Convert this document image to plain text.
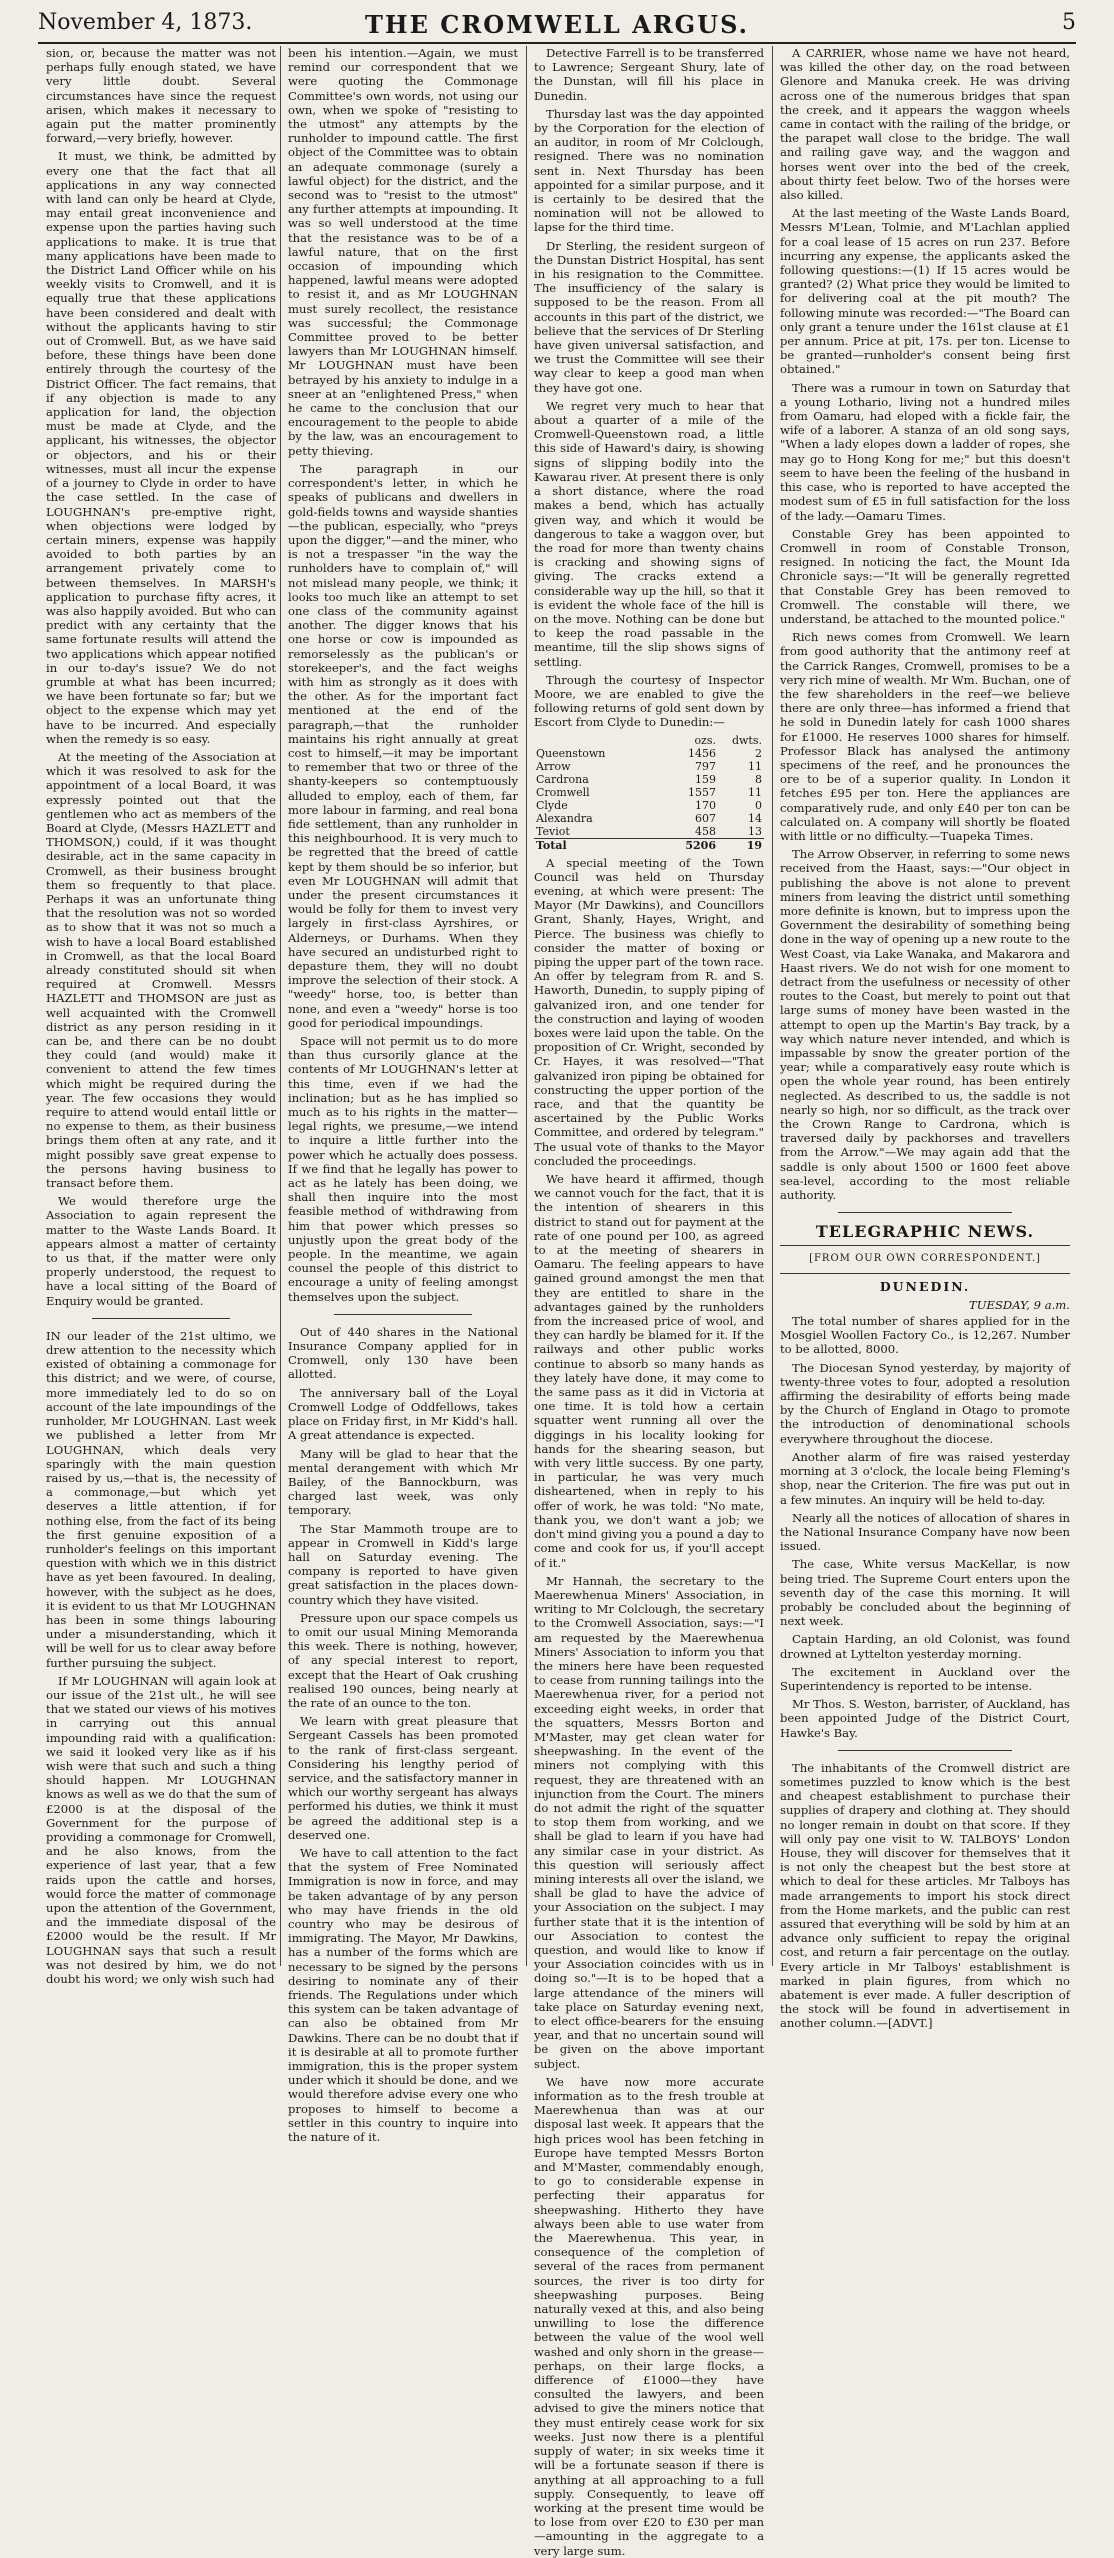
November 4, 1873.	THE CROMWELL ARGUS.	5

sion, or, because the matter was not perhaps fully enough stated, we have very little doubt. Several circumstances have since the request arisen, which makes it necessary to again put the matter prominently forward,—very briefly, however.

It must, we think, be admitted by every one that the fact that all applications in any way connected with land can only be heard at Clyde, may entail great inconvenience and expense upon the parties having such applications to make. It is true that many applications have been made to the District Land Officer while on his weekly visits to Cromwell, and it is equally true that these applications have been considered and dealt with without the applicants having to stir out of Cromwell. But, as we have said before, these things have been done entirely through the courtesy of the District Officer. The fact remains, that if any objection is made to any application for land, the objection must be made at Clyde, and the applicant, his witnesses, the objector or objectors, and his or their witnesses, must all incur the expense of a journey to Clyde in order to have the case settled. In the case of LOUGHNAN's pre-emptive right, when objections were lodged by certain miners, expense was happily avoided to both parties by an arrangement privately come to between themselves. In MARSH's application to purchase fifty acres, it was also happily avoided. But who can predict with any certainty that the same fortunate results will attend the two applications which appear notified in our to-day's issue? We do not grumble at what has been incurred; we have been fortunate so far; but we object to the expense which may yet have to be incurred. And especially when the remedy is so easy.

At the meeting of the Association at which it was resolved to ask for the appointment of a local Board, it was expressly pointed out that the gentlemen who act as members of the Board at Clyde, (Messrs HAZLETT and THOMSON,) could, if it was thought desirable, act in the same capacity in Cromwell, as their business brought them so frequently to that place. Perhaps it was an unfortunate thing that the resolution was not so worded as to show that it was not so much a wish to have a local Board established in Cromwell, as that the local Board already constituted should sit when required at Cromwell. Messrs HAZLETT and THOMSON are just as well acquainted with the Cromwell district as any person residing in it can be, and there can be no doubt they could (and would) make it convenient to attend the few times which might be required during the year. The few occasions they would require to attend would entail little or no expense to them, as their business brings them often at any rate, and it might possibly save great expense to the persons having business to transact before them.

We would therefore urge the Association to again represent the matter to the Waste Lands Board. It appears almost a matter of certainty to us that, if the matter were only properly understood, the request to have a local sitting of the Board of Enquiry would be granted.

IN our leader of the 21st ultimo, we drew attention to the necessity which existed of obtaining a commonage for this district; and we were, of course, more immediately led to do so on account of the late impoundings of the runholder, Mr LOUGHNAN. Last week we published a letter from Mr LOUGHNAN, which deals very sparingly with the main question raised by us,—that is, the necessity of a commonage,—but which yet deserves a little attention, if for nothing else, from the fact of its being the first genuine exposition of a runholder's feelings on this important question with which we in this district have as yet been favoured. In dealing, however, with the subject as he does, it is evident to us that Mr LOUGHNAN has been in some things labouring under a misunderstanding, which it will be well for us to clear away before further pursuing the subject.

If Mr LOUGHNAN will again look at our issue of the 21st ult., he will see that we stated our views of his motives in carrying out this annual impounding raid with a qualification: we said it looked very like as if his wish were that such and such a thing should happen. Mr LOUGHNAN knows as well as we do that the sum of £2000 is at the disposal of the Government for the purpose of providing a commonage for Cromwell, and he also knows, from the experience of last year, that a few raids upon the cattle and horses, would force the matter of commonage upon the attention of the Government, and the immediate disposal of the £2000 would be the result. If Mr LOUGHNAN says that such a result was not desired by him, we do not doubt his word; we only wish such had

been his intention.—Again, we must remind our correspondent that we were quoting the Commonage Committee's own words, not using our own, when we spoke of "resisting to the utmost" any attempts by the runholder to impound cattle. The first object of the Committee was to obtain an adequate commonage (surely a lawful object) for the district, and the second was to "resist to the utmost" any further attempts at impounding. It was so well understood at the time that the resistance was to be of a lawful nature, that on the first occasion of impounding which happened, lawful means were adopted to resist it, and as Mr LOUGHNAN must surely recollect, the resistance was successful; the Commonage Committee proved to be better lawyers than Mr LOUGHNAN himself. Mr LOUGHNAN must have been betrayed by his anxiety to indulge in a sneer at an "enlightened Press," when he came to the conclusion that our encouragement to the people to abide by the law, was an encouragement to petty thieving.

The paragraph in our correspondent's letter, in which he speaks of publicans and dwellers in gold-fields towns and wayside shanties—the publican, especially, who "preys upon the digger,"—and the miner, who is not a trespasser "in the way the runholders have to complain of," will not mislead many people, we think; it looks too much like an attempt to set one class of the community against another. The digger knows that his one horse or cow is impounded as remorselessly as the publican's or storekeeper's, and the fact weighs with him as strongly as it does with the other. As for the important fact mentioned at the end of the paragraph,—that the runholder maintains his right annually at great cost to himself,—it may be important to remember that two or three of the shanty-keepers so contemptuously alluded to employ, each of them, far more labour in farming, and real bona fide settlement, than any runholder in this neighbourhood. It is very much to be regretted that the breed of cattle kept by them should be so inferior, but even Mr LOUGHNAN will admit that under the present circumstances it would be folly for them to invest very largely in first-class Ayrshires, or Alderneys, or Durhams. When they have secured an undisturbed right to depasture them, they will no doubt improve the selection of their stock. A "weedy" horse, too, is better than none, and even a "weedy" horse is too good for periodical impoundings.

Space will not permit us to do more than thus cursorily glance at the contents of Mr LOUGHNAN's letter at this time, even if we had the inclination; but as he has implied so much as to his rights in the matter—legal rights, we presume,—we intend to inquire a little further into the power which he actually does possess. If we find that he legally has power to act as he lately has been doing, we shall then inquire into the most feasible method of withdrawing from him that power which presses so unjustly upon the great body of the people. In the meantime, we again counsel the people of this district to encourage a unity of feeling amongst themselves upon the subject.

Out of 440 shares in the National Insurance Company applied for in Cromwell, only 130 have been allotted.

The anniversary ball of the Loyal Cromwell Lodge of Oddfellows, takes place on Friday first, in Mr Kidd's hall. A great attendance is expected.

Many will be glad to hear that the mental derangement with which Mr Bailey, of the Bannockburn, was charged last week, was only temporary.

The Star Mammoth troupe are to appear in Cromwell in Kidd's large hall on Saturday evening. The company is reported to have given great satisfaction in the places down-country which they have visited.

Pressure upon our space compels us to omit our usual Mining Memoranda this week. There is nothing, however, of any special interest to report, except that the Heart of Oak crushing realised 190 ounces, being nearly at the rate of an ounce to the ton.

We learn with great pleasure that Sergeant Cassels has been promoted to the rank of first-class sergeant. Considering his lengthy period of service, and the satisfactory manner in which our worthy sergeant has always performed his duties, we think it must be agreed the additional step is a deserved one.

We have to call attention to the fact that the system of Free Nominated Immigration is now in force, and may be taken advantage of by any person who may have friends in the old country who may be desirous of immigrating. The Mayor, Mr Dawkins, has a number of the forms which are necessary to be signed by the persons desiring to nominate any of their friends. The Regulations under which this system can be taken advantage of can also be obtained from Mr Dawkins. There can be no doubt that if it is desirable at all to promote further immigration, this is the proper system under which it should be done, and we would therefore advise every one who proposes to himself to become a settler in this country to inquire into the nature of it.

Detective Farrell is to be transferred to Lawrence; Sergeant Shury, late of the Dunstan, will fill his place in Dunedin.

Thursday last was the day appointed by the Corporation for the election of an auditor, in room of Mr Colclough, resigned. There was no nomination sent in. Next Thursday has been appointed for a similar purpose, and it is certainly to be desired that the nomination will not be allowed to lapse for the third time.

Dr Sterling, the resident surgeon of the Dunstan District Hospital, has sent in his resignation to the Committee. The insufficiency of the salary is supposed to be the reason. From all accounts in this part of the district, we believe that the services of Dr Sterling have given universal satisfaction, and we trust the Committee will see their way clear to keep a good man when they have got one.

We regret very much to hear that about a quarter of a mile of the Cromwell-Queenstown road, a little this side of Haward's dairy, is showing signs of slipping bodily into the Kawarau river. At present there is only a short distance, where the road makes a bend, which has actually given way, and which it would be dangerous to take a waggon over, but the road for more than twenty chains is cracking and showing signs of giving. The cracks extend a considerable way up the hill, so that it is evident the whole face of the hill is on the move. Nothing can be done but to keep the road passable in the meantime, till the slip shows signs of settling.

Through the courtesy of Inspector Moore, we are enabled to give the following returns of gold sent down by Escort from Clyde to Dunedin:—

	ozs.	dwts.
Queenstown	1456	2
Arrow	797	11
Cardrona	159	8
Cromwell	1557	11
Clyde	170	0
Alexandra	607	14
Teviot	458	13
Total	5206	19

A special meeting of the Town Council was held on Thursday evening, at which were present: The Mayor (Mr Dawkins), and Councillors Grant, Shanly, Hayes, Wright, and Pierce. The business was chiefly to consider the matter of boxing or piping the upper part of the town race. An offer by telegram from R. and S. Haworth, Dunedin, to supply piping of galvanized iron, and one tender for the construction and laying of wooden boxes were laid upon the table. On the proposition of Cr. Wright, seconded by Cr. Hayes, it was resolved—"That galvanized iron piping be obtained for constructing the upper portion of the race, and that the quantity be ascertained by the Public Works Committee, and ordered by telegram." The usual vote of thanks to the Mayor concluded the proceedings.

We have heard it affirmed, though we cannot vouch for the fact, that it is the intention of shearers in this district to stand out for payment at the rate of one pound per 100, as agreed to at the meeting of shearers in Oamaru. The feeling appears to have gained ground amongst the men that they are entitled to share in the advantages gained by the runholders from the increased price of wool, and they can hardly be blamed for it. If the railways and other public works continue to absorb so many hands as they lately have done, it may come to the same pass as it did in Victoria at one time. It is told how a certain squatter went running all over the diggings in his locality looking for hands for the shearing season, but with very little success. By one party, in particular, he was very much disheartened, when in reply to his offer of work, he was told: "No mate, thank you, we don't want a job; we don't mind giving you a pound a day to come and cook for us, if you'll accept of it."

Mr Hannah, the secretary to the Maerewhenua Miners' Association, in writing to Mr Colclough, the secretary to the Cromwell Association, says:—"I am requested by the Maerewhenua Miners' Association to inform you that the miners here have been requested to cease from running tailings into the Maerewhenua river, for a period not exceeding eight weeks, in order that the squatters, Messrs Borton and M'Master, may get clean water for sheepwashing. In the event of the miners not complying with this request, they are threatened with an injunction from the Court. The miners do not admit the right of the squatter to stop them from working, and we shall be glad to learn if you have had any similar case in your district. As this question will seriously affect mining interests all over the island, we shall be glad to have the advice of your Association on the subject. I may further state that it is the intention of our Association to contest the question, and would like to know if your Association coincides with us in doing so."—It is to be hoped that a large attendance of the miners will take place on Saturday evening next, to elect office-bearers for the ensuing year, and that no uncertain sound will be given on the above important subject.

We have now more accurate information as to the fresh trouble at Maerewhenua than was at our disposal last week. It appears that the high prices wool has been fetching in Europe have tempted Messrs Borton and M'Master, commendably enough, to go to considerable expense in perfecting their apparatus for sheepwashing. Hitherto they have always been able to use water from the Maerewhenua. This year, in consequence of the completion of several of the races from permanent sources, the river is too dirty for sheepwashing purposes. Being naturally vexed at this, and also being unwilling to lose the difference between the value of the wool well washed and only shorn in the grease—perhaps, on their large flocks, a difference of £1000—they have consulted the lawyers, and been advised to give the miners notice that they must entirely cease work for six weeks. Just now there is a plentiful supply of water; in six weeks time it will be a fortunate season if there is anything at all approaching to a full supply. Consequently, to leave off working at the present time would be to lose from over £20 to £30 per man—amounting in the aggregate to a very large sum.

A CARRIER, whose name we have not heard, was killed the other day, on the road between Glenore and Manuka creek. He was driving across one of the numerous bridges that span the creek, and it appears the waggon wheels came in contact with the railing of the bridge, or the parapet wall close to the bridge. The wall and railing gave way, and the waggon and horses went over into the bed of the creek, about thirty feet below. Two of the horses were also killed.

At the last meeting of the Waste Lands Board, Messrs M'Lean, Tolmie, and M'Lachlan applied for a coal lease of 15 acres on run 237. Before incurring any expense, the applicants asked the following questions:—(1) If 15 acres would be granted? (2) What price they would be limited to for delivering coal at the pit mouth? The following minute was recorded:—"The Board can only grant a tenure under the 161st clause at £1 per annum. Price at pit, 17s. per ton. License to be granted—runholder's consent being first obtained."

There was a rumour in town on Saturday that a young Lothario, living not a hundred miles from Oamaru, had eloped with a fickle fair, the wife of a laborer. A stanza of an old song says, "When a lady elopes down a ladder of ropes, she may go to Hong Kong for me;" but this doesn't seem to have been the feeling of the husband in this case, who is reported to have accepted the modest sum of £5 in full satisfaction for the loss of the lady.—Oamaru Times.

Constable Grey has been appointed to Cromwell in room of Constable Tronson, resigned. In noticing the fact, the Mount Ida Chronicle says:—"It will be generally regretted that Constable Grey has been removed to Cromwell. The constable will there, we understand, be attached to the mounted police."

Rich news comes from Cromwell. We learn from good authority that the antimony reef at the Carrick Ranges, Cromwell, promises to be a very rich mine of wealth. Mr Wm. Buchan, one of the few shareholders in the reef—we believe there are only three—has informed a friend that he sold in Dunedin lately for cash 1000 shares for £1000. He reserves 1000 shares for himself. Professor Black has analysed the antimony specimens of the reef, and he pronounces the ore to be of a superior quality. In London it fetches £95 per ton. Here the appliances are comparatively rude, and only £40 per ton can be calculated on. A company will shortly be floated with little or no difficulty.—Tuapeka Times.

The Arrow Observer, in referring to some news received from the Haast, says:—"Our object in publishing the above is not alone to prevent miners from leaving the district until something more definite is known, but to impress upon the Government the desirability of something being done in the way of opening up a new route to the West Coast, via Lake Wanaka, and Makarora and Haast rivers. We do not wish for one moment to detract from the usefulness or necessity of other routes to the Coast, but merely to point out that large sums of money have been wasted in the attempt to open up the Martin's Bay track, by a way which nature never intended, and which is impassable by snow the greater portion of the year; while a comparatively easy route which is open the whole year round, has been entirely neglected. As described to us, the saddle is not nearly so high, nor so difficult, as the track over the Crown Range to Cardrona, which is traversed daily by packhorses and travellers from the Arrow."—We may again add that the saddle is only about 1500 or 1600 feet above sea-level, according to the most reliable authority.

TELEGRAPHIC NEWS.
[FROM OUR OWN CORRESPONDENT.]
DUNEDIN.
TUESDAY, 9 a.m.

The total number of shares applied for in the Mosgiel Woollen Factory Co., is 12,267. Number to be allotted, 8000.

The Diocesan Synod yesterday, by majority of twenty-three votes to four, adopted a resolution affirming the desirability of efforts being made by the Church of England in Otago to promote the introduction of denominational schools everywhere throughout the diocese.

Another alarm of fire was raised yesterday morning at 3 o'clock, the locale being Fleming's shop, near the Criterion. The fire was put out in a few minutes. An inquiry will be held to-day.

Nearly all the notices of allocation of shares in the National Insurance Company have now been issued.

The case, White versus MacKellar, is now being tried. The Supreme Court enters upon the seventh day of the case this morning. It will probably be concluded about the beginning of next week.

Captain Harding, an old Colonist, was found drowned at Lyttelton yesterday morning.

The excitement in Auckland over the Superintendency is reported to be intense.

Mr Thos. S. Weston, barrister, of Auckland, has been appointed Judge of the District Court, Hawke's Bay.

The inhabitants of the Cromwell district are sometimes puzzled to know which is the best and cheapest establishment to purchase their supplies of drapery and clothing at. They should no longer remain in doubt on that score. If they will only pay one visit to W. TALBOYS' London House, they will discover for themselves that it is not only the cheapest but the best store at which to deal for these articles. Mr Talboys has made arrangements to import his stock direct from the Home markets, and the public can rest assured that everything will be sold by him at an advance only sufficient to repay the original cost, and return a fair percentage on the outlay. Every article in Mr Talboys' establishment is marked in plain figures, from which no abatement is ever made. A fuller description of the stock will be found in advertisement in another column.—[ADVT.]
